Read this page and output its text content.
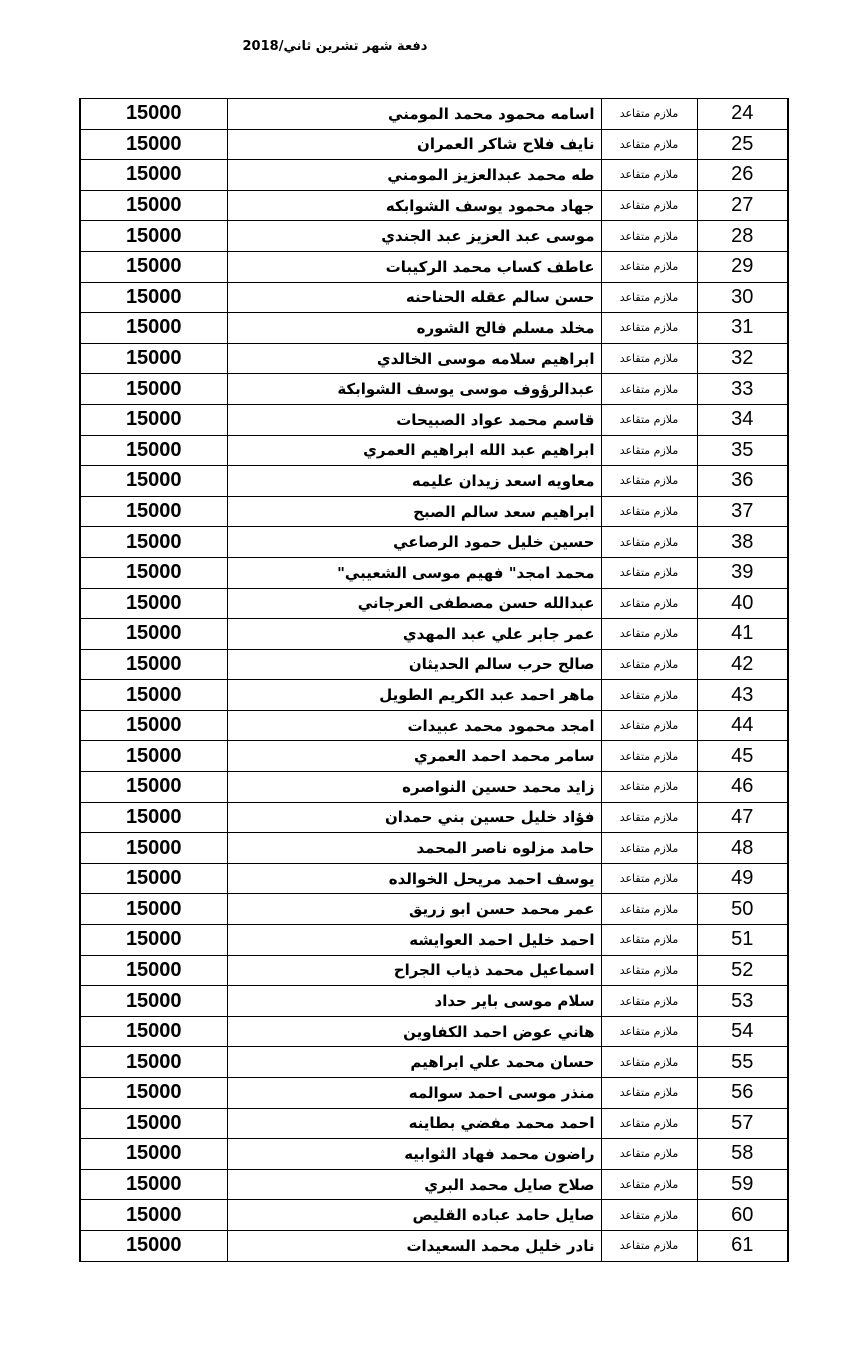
دفعة شهر تشرين ثاني/2018
15000	اسامه محمود محمد المومني	ملازم متقاعد	24
15000	نايف فلاح شاكر العمران	ملازم متقاعد	25
15000	طه محمد عبدالعزيز المومني	ملازم متقاعد	26
15000	جهاد محمود يوسف الشوابكه	ملازم متقاعد	27
15000	موسى عبد العزيز عبد الجندي	ملازم متقاعد	28
15000	عاطف كساب محمد الركيبات	ملازم متقاعد	29
15000	حسن سالم عقله الحناحنه	ملازم متقاعد	30
15000	مخلد مسلم فالح الشوره	ملازم متقاعد	31
15000	ابراهيم سلامه موسى الخالدي	ملازم متقاعد	32
15000	عبدالرؤوف موسى يوسف الشوابكة	ملازم متقاعد	33
15000	قاسم محمد عواد الصبيحات	ملازم متقاعد	34
15000	ابراهيم عبد الله ابراهيم العمري	ملازم متقاعد	35
15000	معاويه اسعد زيدان عليمه	ملازم متقاعد	36
15000	ابراهيم سعد سالم الصبح	ملازم متقاعد	37
15000	حسين خليل حمود الرصاعي	ملازم متقاعد	38
15000	محمد امجد" فهيم موسى الشعيبي"	ملازم متقاعد	39
15000	عبدالله حسن مصطفى العرجاني	ملازم متقاعد	40
15000	عمر جابر علي عبد المهدي	ملازم متقاعد	41
15000	صالح حرب سالم الحديثان	ملازم متقاعد	42
15000	ماهر احمد عبد الكريم الطويل	ملازم متقاعد	43
15000	امجد محمود محمد عبيدات	ملازم متقاعد	44
15000	سامر محمد احمد العمري	ملازم متقاعد	45
15000	زايد محمد حسين النواصره	ملازم متقاعد	46
15000	فؤاد خليل حسين بني حمدان	ملازم متقاعد	47
15000	حامد مزلوه ناصر المحمد	ملازم متقاعد	48
15000	يوسف احمد مريحل الخوالده	ملازم متقاعد	49
15000	عمر محمد حسن ابو زريق	ملازم متقاعد	50
15000	احمد خليل احمد العوايشه	ملازم متقاعد	51
15000	اسماعيل محمد ذياب الجراح	ملازم متقاعد	52
15000	سلام موسى باير حداد	ملازم متقاعد	53
15000	هاني عوض احمد الكفاوين	ملازم متقاعد	54
15000	حسان محمد علي ابراهيم	ملازم متقاعد	55
15000	منذر موسى احمد سوالمه	ملازم متقاعد	56
15000	احمد محمد مفضي بطاينه	ملازم متقاعد	57
15000	راضون محمد فهاد الثوابيه	ملازم متقاعد	58
15000	صلاح صايل محمد البري	ملازم متقاعد	59
15000	صايل حامد عباده القليص	ملازم متقاعد	60
15000	نادر خليل محمد السعيدات	ملازم متقاعد	61
